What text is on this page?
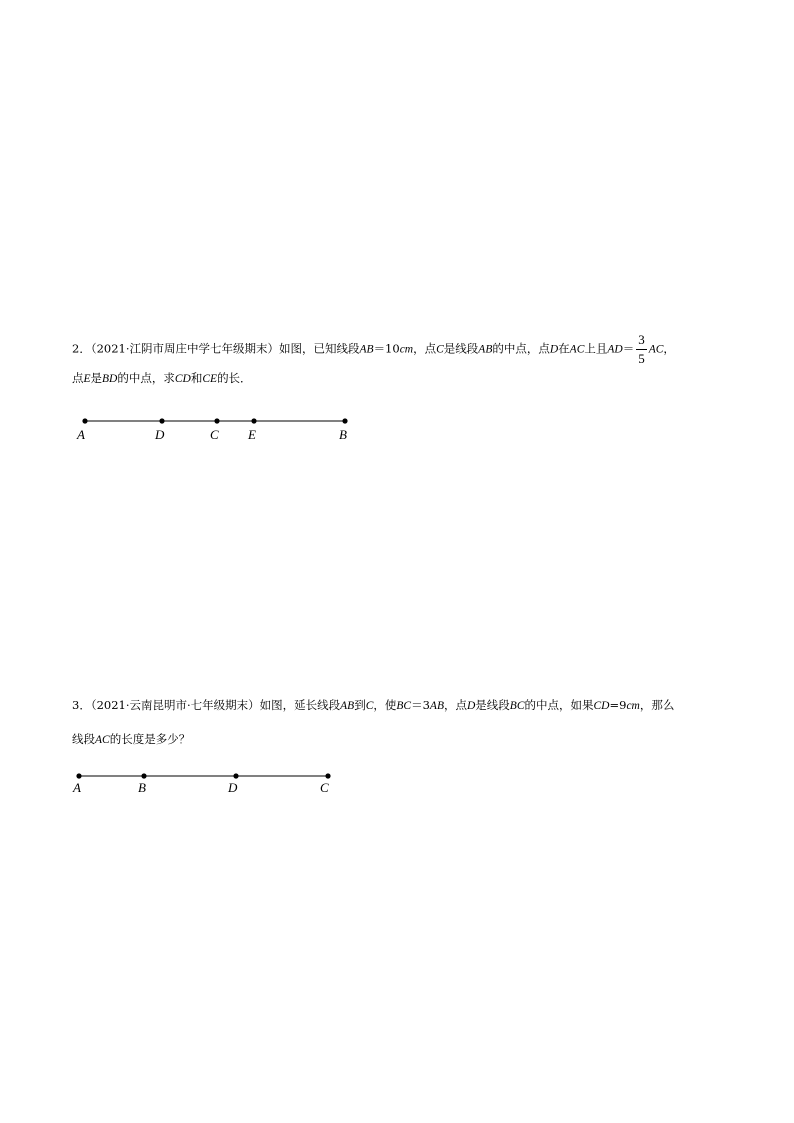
2．（2021·江阴市周庄中学七年级期末）如图，已知线段AB＝10cm，点C是线段AB的中点，点D在AC上且$AD= \frac{3}{5}$ AC，
点E是BD的中点，求CD和CE的长．
A	D	C E	B
A	B	D	C
3．（2021·云南昆明市·七年级期末）如图，延长线段AB到C，使BC＝3AB，点D是线段BC的中点，如果CD=9cm，那么
线段AC的长度是多少？
